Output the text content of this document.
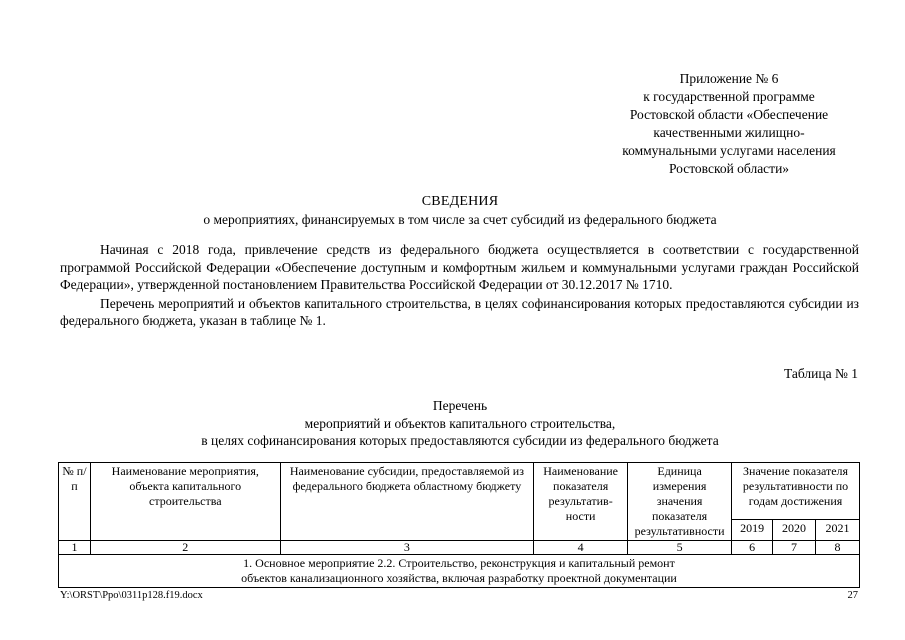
Приложение № 6
к государственной программе
Ростовской области «Обеспечение
качественными жилищно-
коммунальными услугами населения
Ростовской области»
СВЕДЕНИЯ
о мероприятиях, финансируемых в том числе за счет субсидий из федерального бюджета

Начиная с 2018 года, привлечение средств из федерального бюджета осуществляется в соответствии с государственной программой Российской Федерации «Обеспечение доступным и комфортным жильем и коммунальными услугами граждан Российской Федерации», утвержденной постановлением Правительства Российской Федерации от 30.12.2017 № 1710.

Перечень мероприятий и объектов капитального строительства, в целях софинансирования которых предоставляются субсидии из федерального бюджета, указан в таблице № 1.

Таблица № 1
Перечень
мероприятий и объектов капитального строительства,
в целях софинансирования которых предоставляются субсидии из федерального бюджета
№ п/п	Наименование мероприятия, объекта капитального строительства	Наименование субсидии, предоставляемой из федерального бюджета областному бюджету	Наименование показателя результатив-ности	Единица измерения значения показателя результативности	Значение показателя результативности по годам достижения		
					2019	2020	2021
1	2	3	4	5	6	7	8

1. Основное мероприятие 2.2. Строительство, реконструкция и капитальный ремонт объектов канализационного хозяйства, включая разработку проектной документации							
Y:\ORST\Ppo\0311p128.f19.docx	27
